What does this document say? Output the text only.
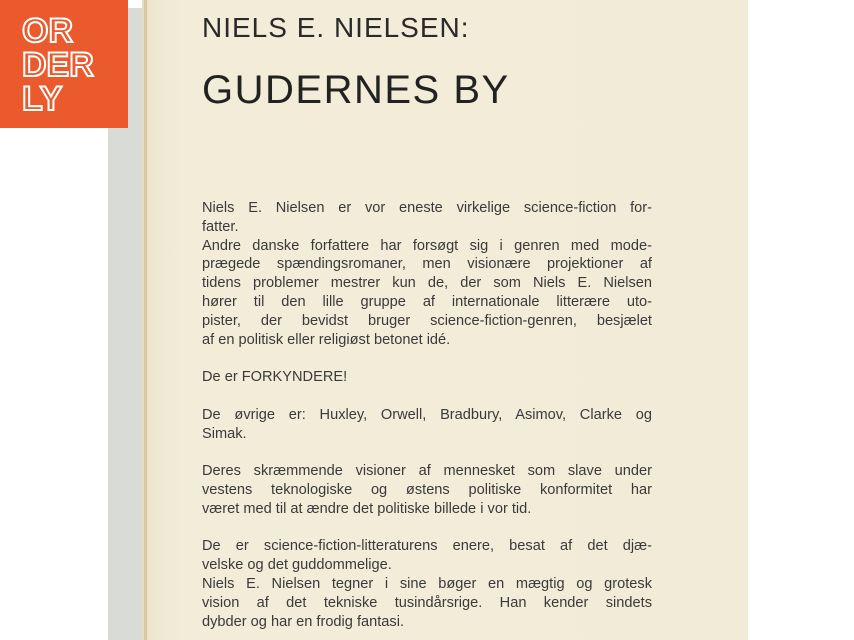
NIELS E. NIELSEN:
GUDERNES BY
Niels E. Nielsen er vor eneste virkelige science-fiction for-
fatter.
Andre danske forfattere har forsøgt sig i genren med mode-
prægede spændingsromaner, men visionære projektioner af
tidens problemer mestrer kun de, der som Niels E. Nielsen
hører til den lille gruppe af internationale litterære uto-
pister, der bevidst bruger science-fiction-genren, besjælet
af en politisk eller religiøst betonet idé.
De er FORKYNDERE!
De øvrige er: Huxley, Orwell, Bradbury, Asimov, Clarke og
Simak.
Deres skræmmende visioner af mennesket som slave under
vestens teknologiske og østens politiske konformitet har
været med til at ændre det politiske billede i vor tid.
De er science-fiction-litteraturens enere, besat af det djæ-
velske og det guddommelige.
Niels E. Nielsen tegner i sine bøger en mægtig og grotesk
vision af det tekniske tusindårsrige. Han kender sindets
dybder og har en frodig fantasi.
OR
DER
LY
